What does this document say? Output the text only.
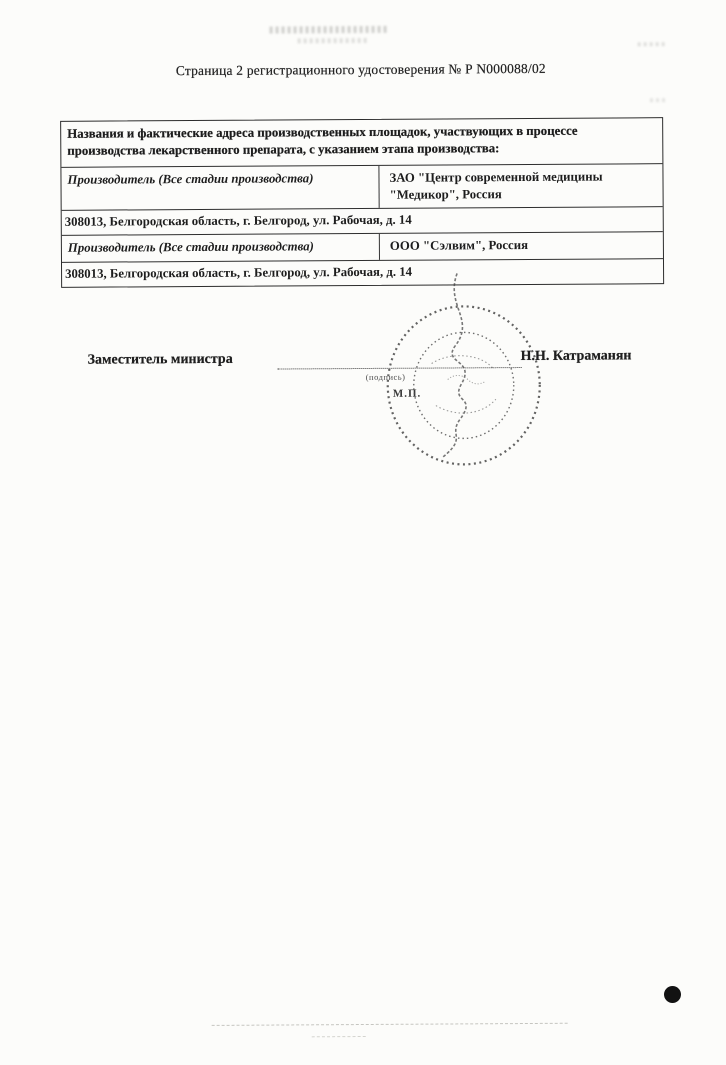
Страница 2 регистрационного удостоверения № Р N000088/02
Названия и фактические адреса производственных площадок, участвующих в процессе производства лекарственного препарата, с указанием этапа производства:
Производитель (Все стадии производства)	ЗАО "Центр современной медицины "Медикор", Россия
308013, Белгородская область, г. Белгород, ул. Рабочая, д. 14
Производитель (Все стадии производства)	ООО "Сэлвим", Россия
308013, Белгородская область, г. Белгород, ул. Рабочая, д. 14
Заместитель министра
(подпись)
М.П.
Н.Н. Катраманян
